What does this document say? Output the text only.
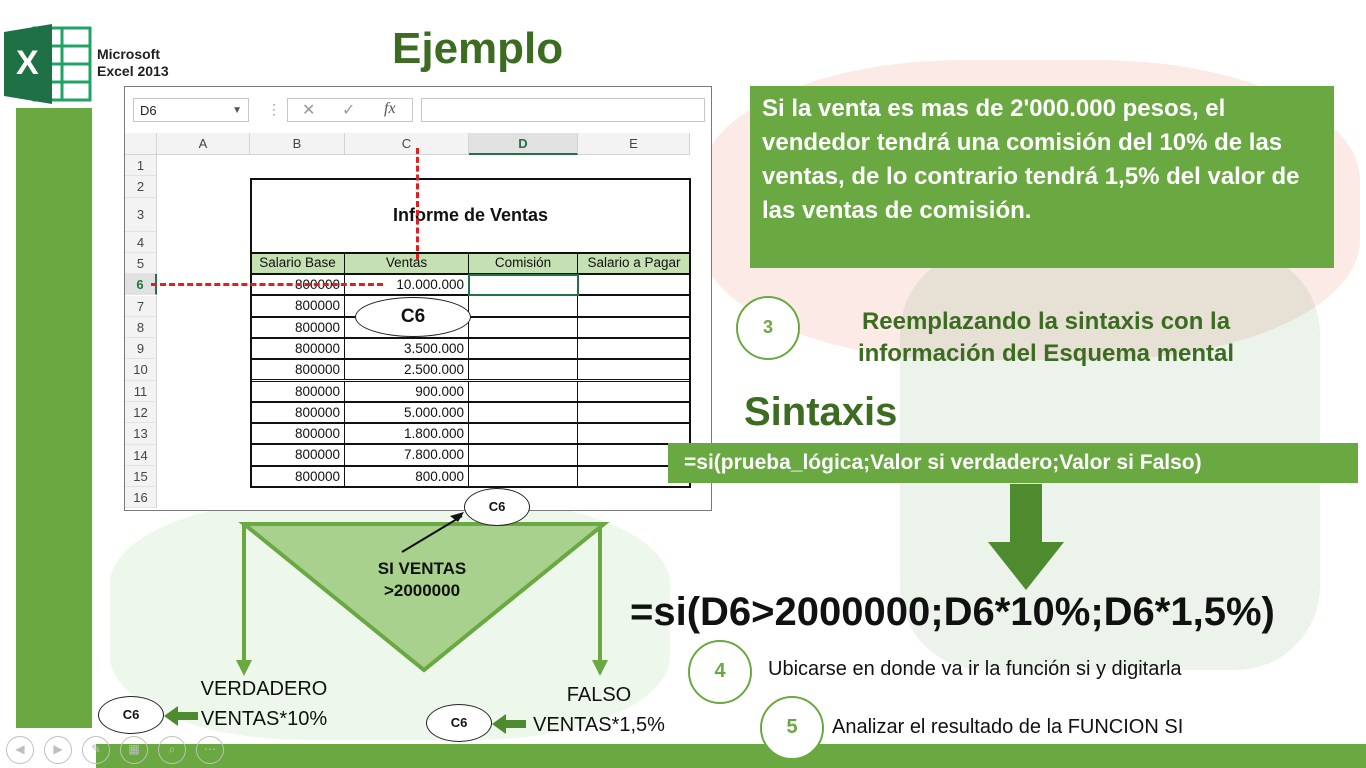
X	Microsoft
Excel 2013	Ejemplo
D6	▼ ⋮ ✕ ✓ fx
A	B	C	D	E
1
2
3
4
5
6
7
8
9
10
11
12
13
14
15
16
Informe de Ventas
Salario Base	Ventas	Comisión	Salario a Pagar
800000	10.000.000
800000
800000
800000	3.500.000
800000	2.500.000
800000	900.000
800000	5.000.000
800000	1.800.000
800000	7.800.000
800000	800.000
C6
Si la venta es mas de 2'000.000 pesos, el vendedor tendrá una comisión del 10% de las ventas, de lo contrario tendrá 1,5% del valor de las ventas de comisión.
3	Reemplazando la sintaxis con la información del Esquema mental
Sintaxis
=si(prueba_lógica;Valor si verdadero;Valor si Falso)
=si(D6>2000000;D6*10%;D6*1,5%)
4	Ubicarse en donde va ir la función si y digitarla
5	Analizar el resultado de la FUNCION SI
SI VENTAS
>2000000
C6
VERDADERO
VENTAS*10%
C6
FALSO
VENTAS*1,5%
C6
◀	▶	✎	▦	⌕	⋯
